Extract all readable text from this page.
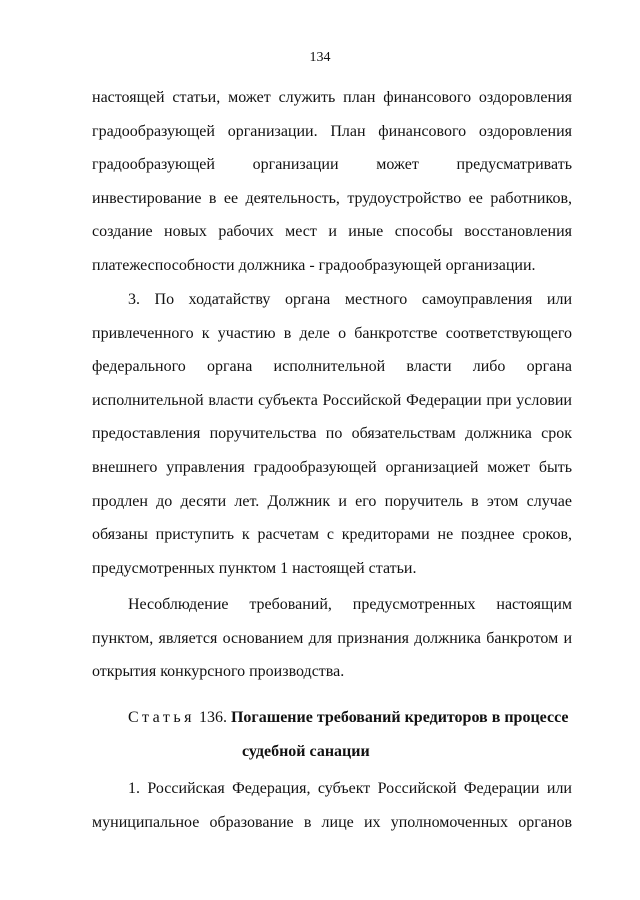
134
настоящей статьи, может служить план финансового оздоровления
градообразующей организации. План финансового оздоровления
градообразующей организации может предусматривать
инвестирование в ее деятельность, трудоустройство ее работников,
создание новых рабочих мест и иные способы восстановления
платежеспособности должника - градообразующей организации.
3. По ходатайству органа местного самоуправления или
привлеченного к участию в деле о банкротстве соответствующего
федерального органа исполнительной власти либо органа
исполнительной власти субъекта Российской Федерации при условии
предоставления поручительства по обязательствам должника срок
внешнего управления градообразующей организацией может быть
продлен до десяти лет. Должник и его поручитель в этом случае
обязаны приступить к расчетам с кредиторами не позднее сроков,
предусмотренных пунктом 1 настоящей статьи.
Несоблюдение требований, предусмотренных настоящим
пунктом, является основанием для признания должника банкротом и
открытия конкурсного производства.
Статья 136. Погашение требований кредиторов в процессе
судебной санации
1. Российская Федерация, субъект Российской Федерации или
муниципальное образование в лице их уполномоченных органов
